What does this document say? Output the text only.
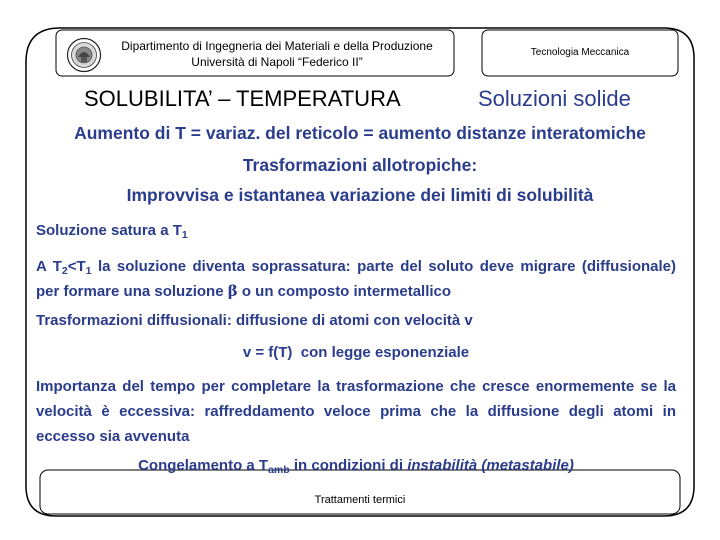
Dipartimento di Ingegneria dei Materiali e della Produzione
Università di Napoli “Federico II”
Tecnologia Meccanica
SOLUBILITA’ – TEMPERATURA	Soluzioni solide
Aumento di T = variaz. del reticolo = aumento distanze interatomiche
Trasformazioni allotropiche:
Improvvisa e istantanea variazione dei limiti di solubilità
Soluzione satura a $T_1$
A $T_2<T_1$ la soluzione diventa soprassatura: parte del soluto deve migrare (diffusionale) per formare una soluzione β o un composto intermetallico
Trasformazioni diffusionali: diffusione di atomi con velocità v
v = f(T)  con legge esponenziale
Importanza del tempo per completare la trasformazione che cresce enormemente se la velocità è eccessiva: raffreddamento veloce prima che la diffusione degli atomi in eccesso sia avvenuta
Congelamento a $T_{amb}$ in condizioni di instabilità (metastabile)
Trattamenti termici
